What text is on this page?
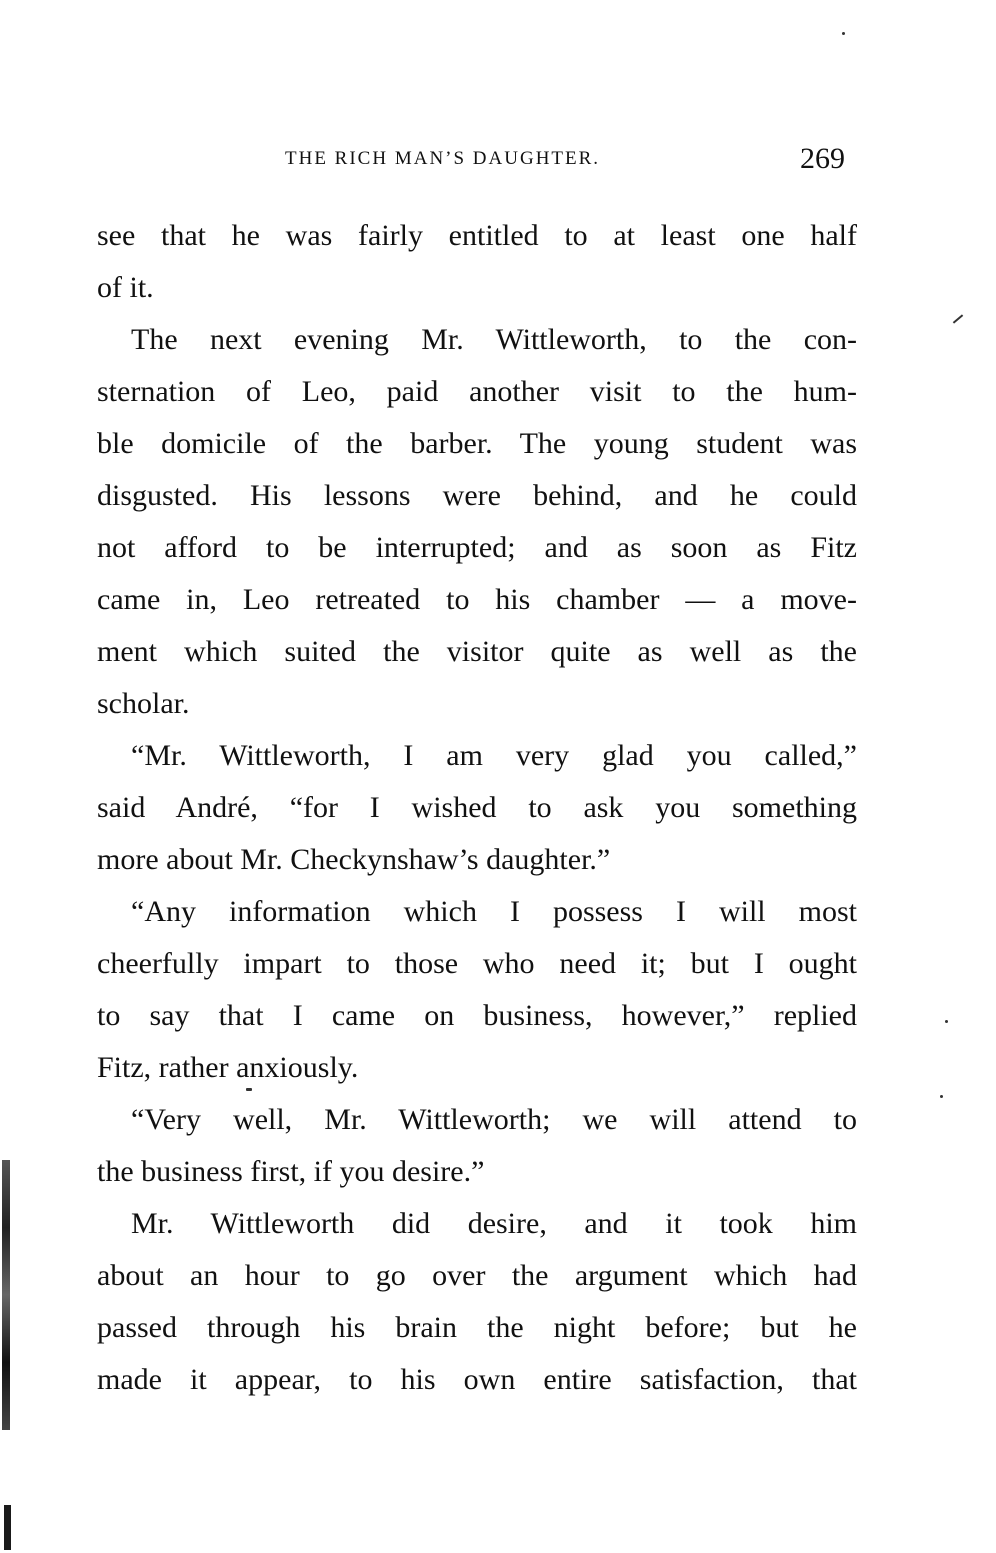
THE RICH MAN’S DAUGHTER.	269
see that he was fairly entitled to at least one half
of it.
The next evening Mr. Wittleworth, to the con-
sternation of Leo, paid another visit to the hum-
ble domicile of the barber. The young student was
disgusted. His lessons were behind, and he could
not afford to be interrupted; and as soon as Fitz
came in, Leo retreated to his chamber — a move-
ment which suited the visitor quite as well as the
scholar.
“Mr. Wittleworth, I am very glad you called,”
said André, “for I wished to ask you something
more about Mr. Checkynshaw’s daughter.”
“Any information which I possess I will most
cheerfully impart to those who need it; but I ought
to say that I came on business, however,” replied
Fitz, rather anxiously.
“Very well, Mr. Wittleworth; we will attend to
the business first, if you desire.”
Mr. Wittleworth did desire, and it took him
about an hour to go over the argument which had
passed through his brain the night before; but he
made it appear, to his own entire satisfaction, that
